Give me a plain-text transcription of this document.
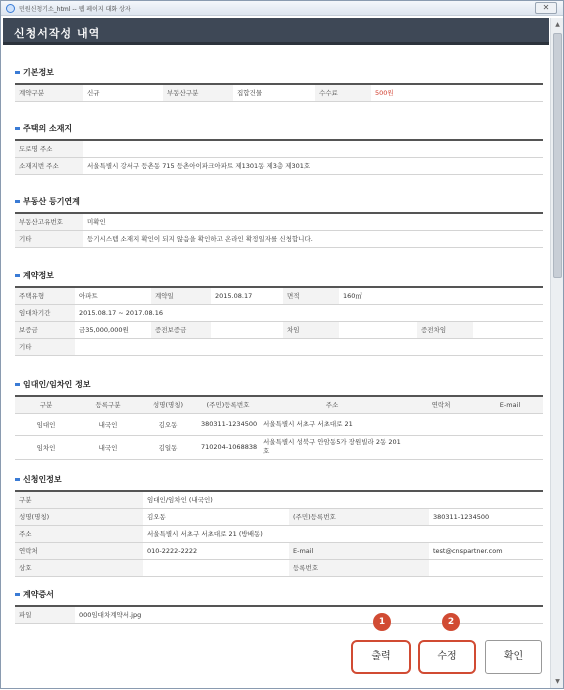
민원신청기소_html -- 웹 페이지 대화 상자	✕
신청서작성 내역
▲
▼
기본정보
계약구분	신규	부동산구분	집합건물	수수료	500원
주택의 소재지
도로명 주소	
소재지번 주소	서울특별시 강서구 등촌동 715 등촌아이파크아파트 제1301동 제3층 제301호
부동산 등기연계
부동산고유번호	미확인
기타	등기시스템 소재지 확인이 되지 않음을 확인하고 온라인 확정일자를 신청합니다.
계약정보
주택유형	아파트	계약일	2015.08.17	면적	160㎡		
임대차기간	2015.08.17 ~ 2017.08.16						
보증금	금35,000,000원	증전보증금		차임		증전차임	
기타							
임대인/임차인 정보
구분	등록구분	성명(명칭)	(주민)등록번호	주소	연락처	E-mail
임대인	내국인	김오동	380311-1234500	서울특별시 서초구 서초대로 21		
임차인	내국인	김일동	710204-1068838	서울특별시 성북구 안암동5가 장원빌라 2동 201호		
신청인정보
구분	임대인/임차인 (내국인)		
성명(명칭)	김오동	(주민)등록번호	380311-1234500
주소	서울특별시 서초구 서초대로 21 (방배동)		
연락처	010-2222-2222	E-mail	test@cnspartner.com
상호		등록번호	
계약증서
파일	000임대차계약서.jpg
1	2
출력	수정	확인
